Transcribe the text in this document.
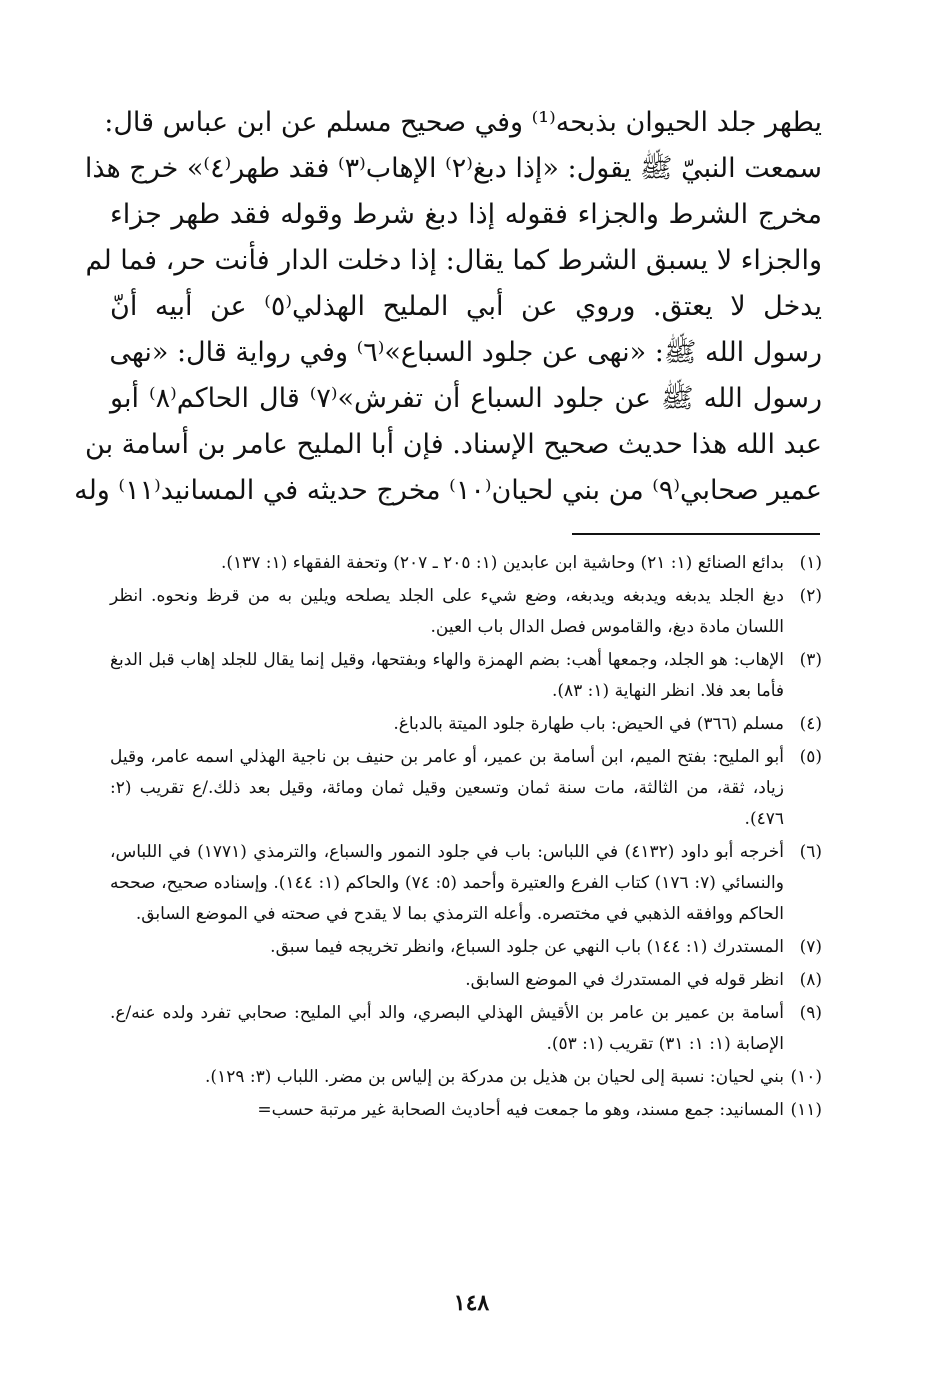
يطهر جلد الحيوان بذبحه⁽¹⁾ وفي صحيح مسلم عن ابن عباس قال:

سمعت النبيّ ﷺ يقول: «إذا دبغ⁽٢⁾ الإهاب⁽٣⁾ فقد طهر⁽٤⁾» خرج هذا

مخرج الشرط والجزاء فقوله إذا دبغ شرط وقوله فقد طهر جزاء

والجزاء لا يسبق الشرط كما يقال: إذا دخلت الدار فأنت حر، فما لم

يدخل لا يعتق. وروي عن أبي المليح الهذلي⁽٥⁾ عن أبيه أنّ

رسول الله ﷺ: «نهى عن جلود السباع»⁽٦⁾ وفي رواية قال: «نهى

رسول الله ﷺ عن جلود السباع أن تفرش»⁽٧⁾ قال الحاكم⁽٨⁾ أبو

عبد الله هذا حديث صحيح الإسناد. فإن أبا المليح عامر بن أسامة بن

عمير صحابي⁽٩⁾ من بني لحيان⁽١٠⁾ مخرج حديثه في المسانيد⁽١١⁾ وله

(١)
بدائع الصنائع (١: ٢١) وحاشية ابن عابدين (١: ٢٠٥ ـ ٢٠٧) وتحفة الفقهاء (١: ١٣٧).
(٢)
دبغ الجلد يدبغه ويدبغه ويدبغه، وضع شيء على الجلد يصلحه ويلين به من قرظ ونحوه. انظر اللسان مادة دبغ، والقاموس فصل الدال باب العين.
(٣)
الإهاب: هو الجلد، وجمعها أهب: بضم الهمزة والهاء وبفتحها، وقيل إنما يقال للجلد إهاب قبل الدبغ فأما بعد فلا. انظر النهاية (١: ٨٣).
(٤)
مسلم (٣٦٦) في الحيض: باب طهارة جلود الميتة بالدباغ.
(٥)
أبو المليح: بفتح الميم، ابن أسامة بن عمير، أو عامر بن حنيف بن ناجية الهذلي اسمه عامر، وقيل زياد، ثقة، من الثالثة، مات سنة ثمان وتسعين وقيل ثمان ومائة، وقيل بعد ذلك./ع تقريب (٢: ٤٧٦).
(٦)
أخرجه أبو داود (٤١٣٢) في اللباس: باب في جلود النمور والسباع، والترمذي (١٧٧١) في اللباس، والنسائي (٧: ١٧٦) كتاب الفرع والعتيرة وأحمد (٥: ٧٤) والحاكم (١: ١٤٤). وإسناده صحيح، صححه الحاكم ووافقه الذهبي في مختصره. وأعله الترمذي بما لا يقدح في صحته في الموضع السابق.
(٧)
المستدرك (١: ١٤٤) باب النهي عن جلود السباع، وانظر تخريجه فيما سبق.
(٨)
انظر قوله في المستدرك في الموضع السابق.
(٩)
أسامة بن عمير بن عامر بن الأقيش الهذلي البصري، والد أبي المليح: صحابي تفرد ولده عنه/ع. الإصابة (١: ١: ٣١) تقريب (١: ٥٣).
(١٠)
بني لحيان: نسبة إلى لحيان بن هذيل بن مدركة بن إلياس بن مضر. اللباب (٣: ١٢٩).
(١١)
المسانيد: جمع مسند، وهو ما جمعت فيه أحاديث الصحابة غير مرتبة حسب=
١٤٨
